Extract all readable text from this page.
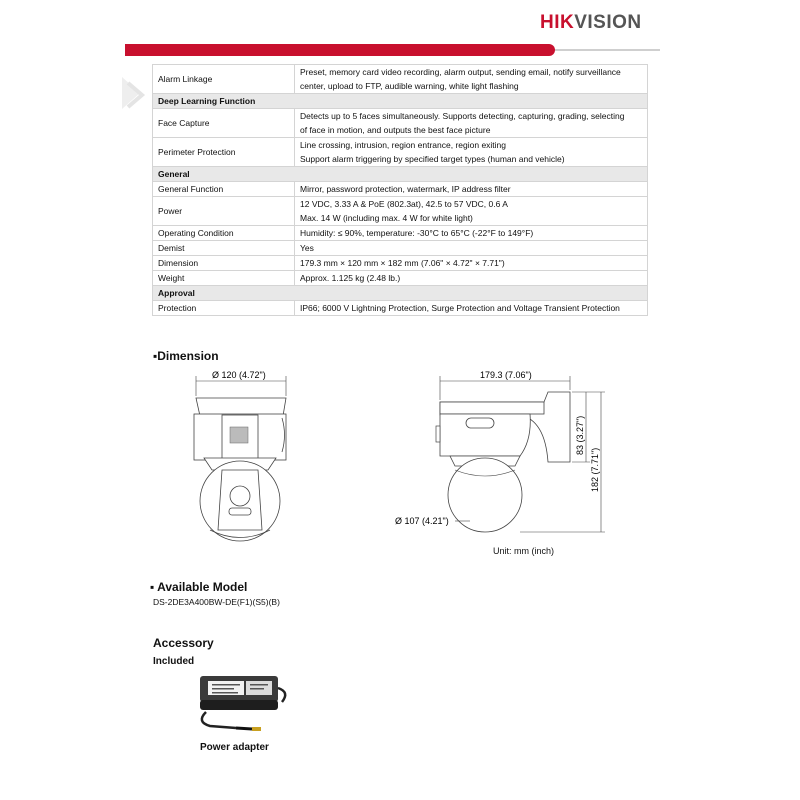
HIKVISION
Alarm Linkage	Preset, memory card video recording, alarm output, sending email, notify surveillance
center, upload to FTP, audible warning, white light flashing

Deep Learning Function	
Face Capture	Detects up to 5 faces simultaneously. Supports detecting, capturing, grading, selecting
of face in motion, and outputs the best face picture

Perimeter Protection	Line crossing, intrusion, region entrance, region exiting
Support alarm triggering by specified target types (human and vehicle)

General	
General Function	Mirror, password protection, watermark, IP address filter

Power	12 VDC, 3.33 A & PoE (802.3at), 42.5 to 57 VDC, 0.6 A
Max. 14 W (including max. 4 W for white light)

Operating Condition	Humidity: ≤ 90%, temperature: -30°C to 65°C (-22°F to 149°F)

Demist	Yes

Dimension	179.3 mm × 120 mm × 182 mm (7.06" × 4.72" × 7.71")

Weight	Approx. 1.125 kg (2.48 lb.)

Approval	
Protection	IP66; 6000 V Lightning Protection, Surge Protection and Voltage Transient Protection
▪Dimension
Ø 120 (4.72")	179.3 (7.06")
83 (3.27")
182 (7.71")
Ø 107 (4.21")
Unit: mm (inch)
▪ Available Model
DS-2DE3A400BW-DE(F1)(S5)(B)
Accessory
Included
Power adapter
